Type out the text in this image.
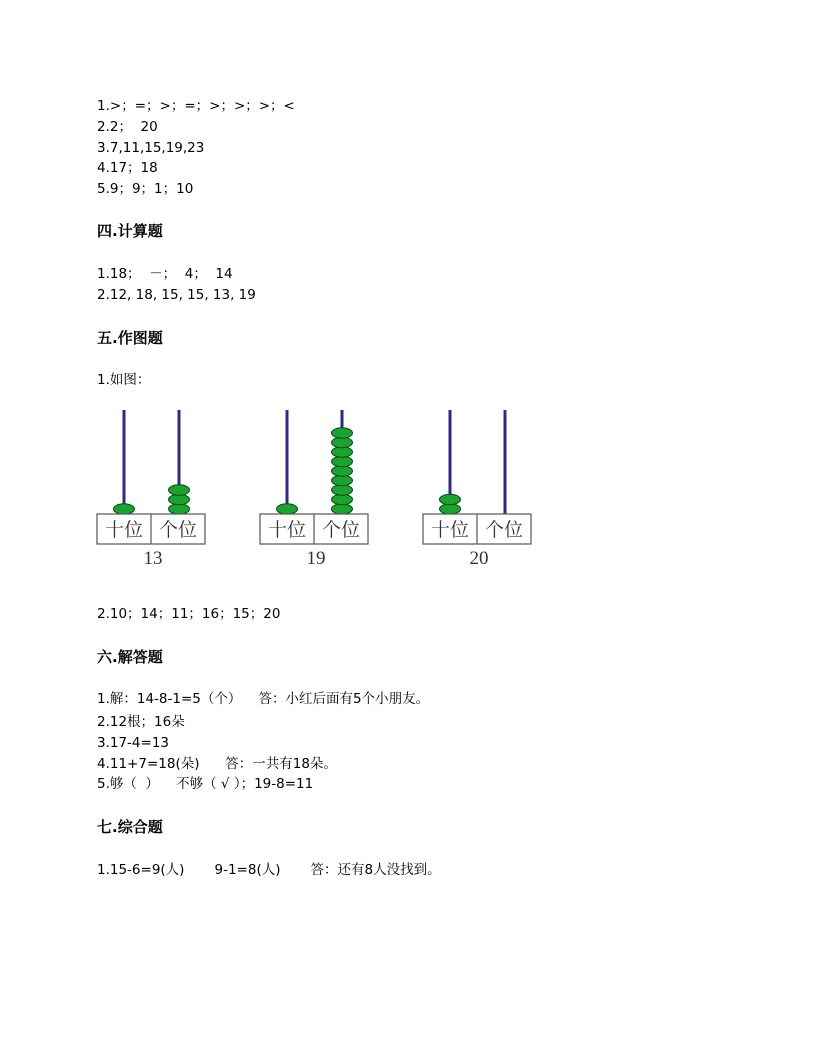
1.>；=；>；=；>；>；>；<
2.2；  20
3.7,11,15,19,23
4.17；18
5.9；9；1；10
四.计算题
1.18；  －；  4；  14
2.12, 18, 15, 15, 13, 19
五.作图题
1.如图：
十位 个位
13
十位 个位
19
十位 个位
20
2.10；14；11；16；15；20
六.解答题
1.解：14-8-1=5（个）    答：小红后面有5个小朋友。
2.12根；16朵
3.17-4=13
4.11+7=18(朵)      答：一共有18朵。
5.够（  ）    不够（ √ ）；19-8=11
七.综合题
1.15-6=9(人)       9-1=8(人)       答：还有8人没找到。
